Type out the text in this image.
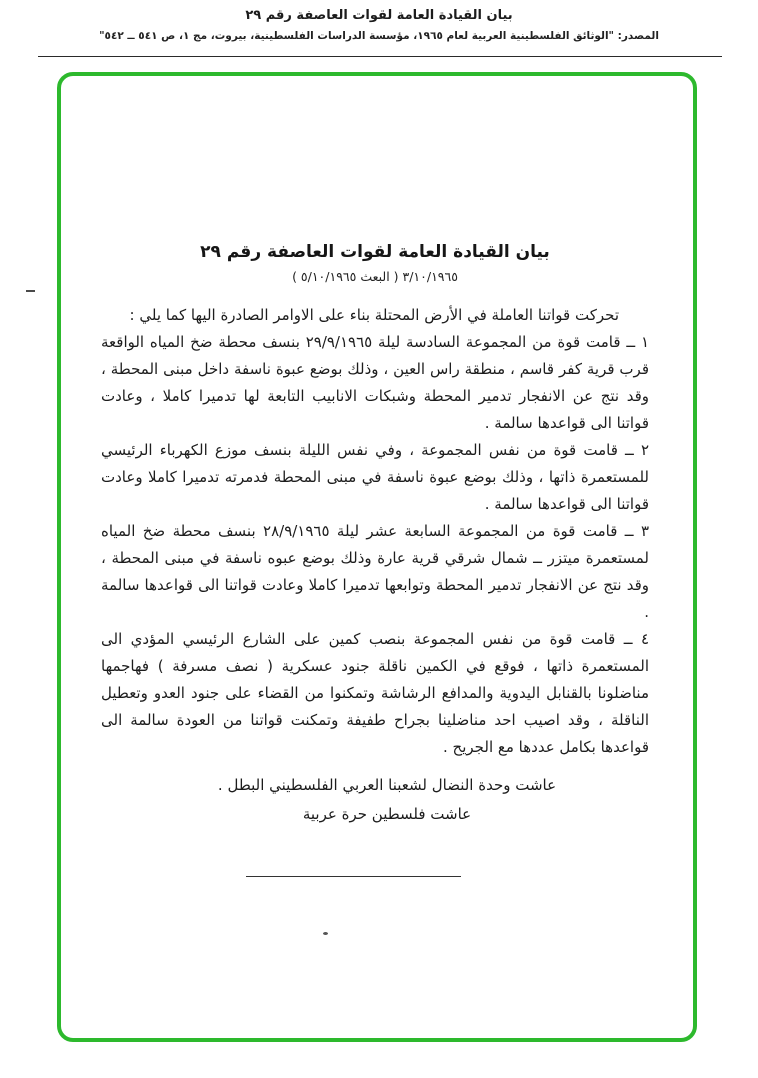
بيان القيادة العامة لقوات العاصفة رقم ٢٩
المصدر: "الوثائق الفلسطينية العربية لعام ١٩٦٥، مؤسسة الدراسات الفلسطينية، بيروت، مج ١، ص ٥٤١ ــ ٥٤٢"
بيان القيادة العامة لقوات العاصفة رقم ٢٩
٣/١٠/١٩٦٥ ( البعث ٥/١٠/١٩٦٥ )

تحركت قواتنا العاملة في الأرض المحتلة بناء على الاوامر الصادرة اليها كما يلي :

١ ــ قامت قوة من المجموعة السادسة ليلة ٢٩/٩/١٩٦٥ بنسف محطة ضخ المياه الواقعة قرب قرية كفر قاسم ، منطقة راس العين ، وذلك بوضع عبوة ناسفة داخل مبنى المحطة ، وقد نتج عن الانفجار تدمير المحطة وشبكات الانابيب التابعة لها تدميرا كاملا ، وعادت قواتنا الى قواعدها سالمة .

٢ ــ قامت قوة من نفس المجموعة ، وفي نفس الليلة بنسف موزع الكهرباء الرئيسي للمستعمرة ذاتها ، وذلك بوضع عبوة ناسفة في مبنى المحطة فدمرته تدميرا كاملا وعادت قواتنا الى قواعدها سالمة .

٣ ــ قامت قوة من المجموعة السابعة عشر ليلة ٢٨/٩/١٩٦٥ بنسف محطة ضخ المياه لمستعمرة ميتزر ــ شمال شرقي قرية عارة وذلك بوضع عبوه ناسفة في مبنى المحطة ، وقد نتج عن الانفجار تدمير المحطة وتوابعها تدميرا كاملا وعادت قواتنا الى قواعدها سالمة .

٤ ــ قامت قوة من نفس المجموعة بنصب كمين على الشارع الرئيسي المؤدي الى المستعمرة ذاتها ، فوقع في الكمين ناقلة جنود عسكرية ( نصف مسرفة ) فهاجمها مناضلونا بالقنابل اليدوية والمدافع الرشاشة وتمكنوا من القضاء على جنود العدو وتعطيل الناقلة ، وقد اصيب احد مناضلينا بجراح طفيفة وتمكنت قواتنا من العودة سالمة الى قواعدها بكامل عددها مع الجريح .

عاشت وحدة النضال لشعبنا العربي الفلسطيني البطل .
عاشت فلسطين حرة عربية
